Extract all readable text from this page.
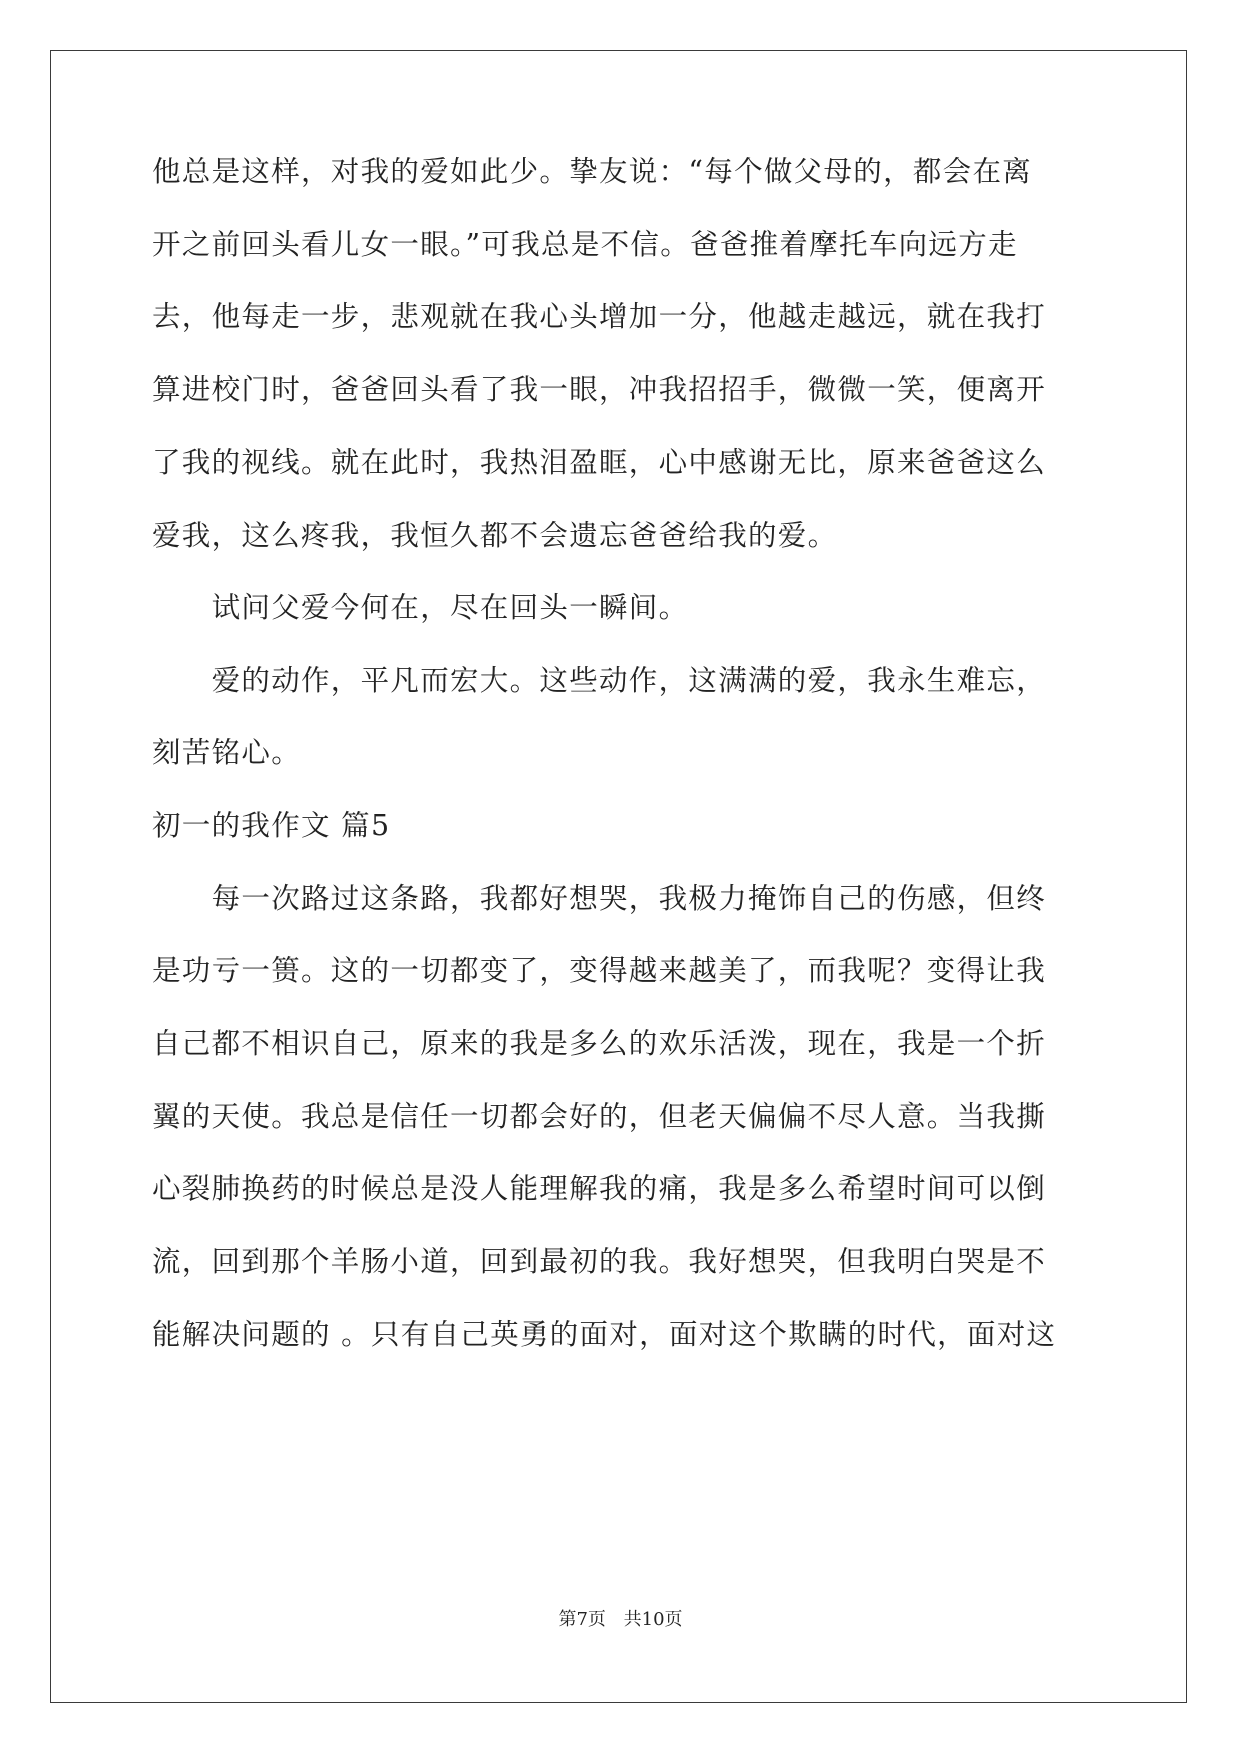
他总是这样，对我的爱如此少。挚友说：“每个做父母的，都会在离
开之前回头看儿女一眼。”可我总是不信。爸爸推着摩托车向远方走
去，他每走一步，悲观就在我心头增加一分，他越走越远，就在我打
算进校门时，爸爸回头看了我一眼，冲我招招手，微微一笑，便离开
了我的视线。就在此时，我热泪盈眶，心中感谢无比，原来爸爸这么
爱我，这么疼我，我恒久都不会遗忘爸爸给我的爱。
　　试问父爱今何在，尽在回头一瞬间。
　　爱的动作，平凡而宏大。这些动作，这满满的爱，我永生难忘，
刻苦铭心。
初一的我作文 篇5
　　每一次路过这条路，我都好想哭，我极力掩饰自己的伤感，但终
是功亏一篑。这的一切都变了，变得越来越美了，而我呢？变得让我
自己都不相识自己，原来的我是多么的欢乐活泼，现在，我是一个折
翼的天使。我总是信任一切都会好的，但老天偏偏不尽人意。当我撕
心裂肺换药的时候总是没人能理解我的痛，我是多么希望时间可以倒
流，回到那个羊肠小道，回到最初的我。我好想哭，但我明白哭是不
能解决问题的 。只有自己英勇的面对，面对这个欺瞒的时代，面对这
第7页 共10页
